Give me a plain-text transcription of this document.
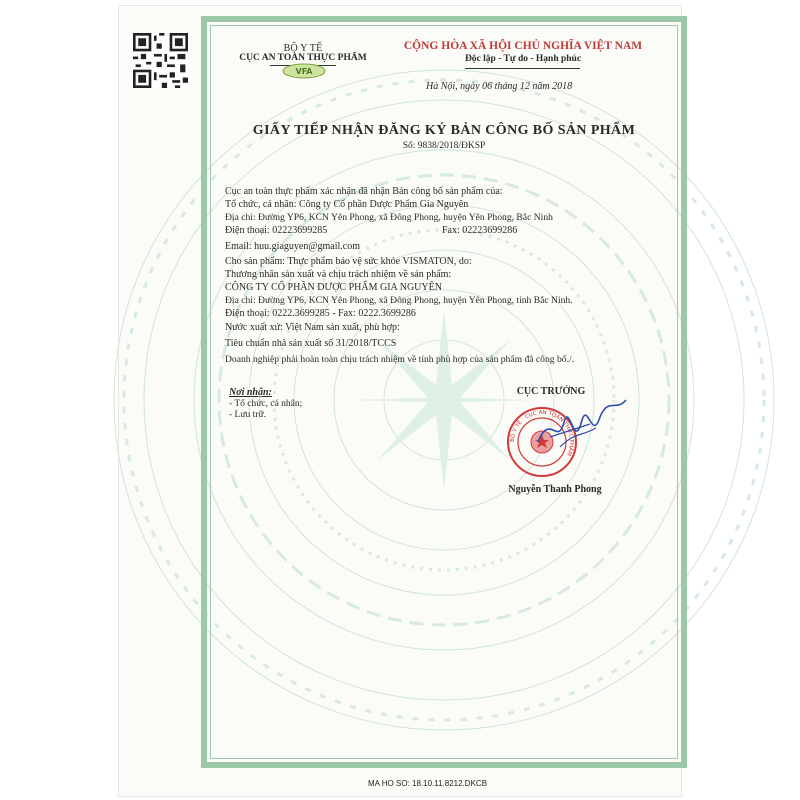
BỘ Y TẾ
CỤC AN TOÀN THỰC PHẨM
VFA
CỘNG HÒA XÃ HỘI CHỦ NGHĨA VIỆT NAM
Độc lập - Tự do - Hạnh phúc
Hà Nội, ngày 06 tháng 12 năm 2018
GIẤY TIẾP NHẬN ĐĂNG KÝ BẢN CÔNG BỐ SẢN PHẨM
Số: 9838/2018/ĐKSP
Cục an toàn thực phẩm xác nhận đã nhận Bản công bố sản phẩm của:
Tổ chức, cá nhân: Công ty Cổ phần Dược Phẩm Gia Nguyên
Địa chỉ: Đường YP6, KCN Yên Phong, xã Đông Phong, huyện Yên Phong, Bắc Ninh
Điện thoại: 02223699285	Fax: 02223699286
Email: huu.giaguyen@gmail.com
Cho sản phẩm: Thực phẩm bảo vệ sức khỏe VISMATON, do:
Thương nhân sản xuất và chịu trách nhiệm về sản phẩm:
CÔNG TY CỔ PHẦN DƯỢC PHẨM GIA NGUYÊN
Địa chỉ: Đường YP6, KCN Yên Phong, xã Đông Phong, huyện Yên Phong, tỉnh Bắc Ninh.
Điện thoại: 0222.3699285 - Fax: 0222.3699286
Nước xuất xứ: Việt Nam sản xuất, phù hợp:
Tiêu chuẩn nhà sản xuất số 31/2018/TCCS
Doanh nghiệp phải hoàn toàn chịu trách nhiệm về tính phù hợp của sản phẩm đã công bố./.
Nơi nhận:
- Tổ chức, cá nhân;
- Lưu trữ.
CỤC TRƯỞNG
BỘ Y TẾ · CỤC AN TOÀN THỰC PHẨM
Nguyễn Thanh Phong
MA HO SO: 18.10.11.8212.DKCB
